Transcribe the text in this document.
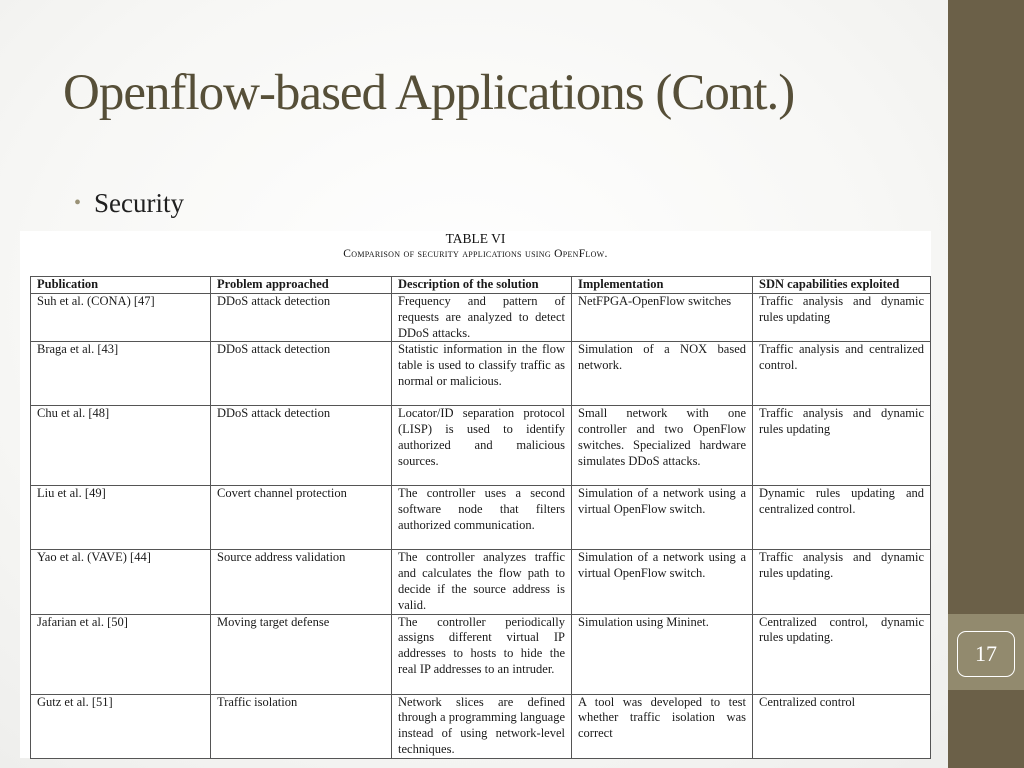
17
Openflow-based Applications (Cont.)
• Security
TABLE VI
Comparison of security applications using OpenFlow.
Publication	Problem approached	Description of the solution	Implementation	SDN capabilities exploited
Suh et al. (CONA) [47]	DDoS attack detection	Frequency and pattern of requests are analyzed to detect DDoS attacks.	NetFPGA-OpenFlow switches	Traffic analysis and dynamic rules updating
Braga et al. [43]	DDoS attack detection	Statistic information in the flow table is used to classify traffic as normal or malicious.	Simulation of a NOX based network.	Traffic analysis and centralized control.
Chu et al. [48]	DDoS attack detection	Locator/ID separation protocol (LISP) is used to identify authorized and malicious sources.	Small network with one controller and two OpenFlow switches. Specialized hardware simulates DDoS attacks.	Traffic analysis and dynamic rules updating
Liu et al. [49]	Covert channel protection	The controller uses a second software node that filters authorized communication.	Simulation of a network using a virtual OpenFlow switch.	Dynamic rules updating and centralized control.
Yao et al. (VAVE) [44]	Source address validation	The controller analyzes traffic and calculates the flow path to decide if the source address is valid.	Simulation of a network using a virtual OpenFlow switch.	Traffic analysis and dynamic rules updating.
Jafarian et al. [50]	Moving target defense	The controller periodically assigns different virtual IP addresses to hosts to hide the real IP addresses to an intruder.	Simulation using Mininet.	Centralized control, dynamic rules updating.
Gutz et al. [51]	Traffic isolation	Network slices are defined through a programming language instead of using network-level techniques.	A tool was developed to test whether traffic isolation was correct	Centralized control
